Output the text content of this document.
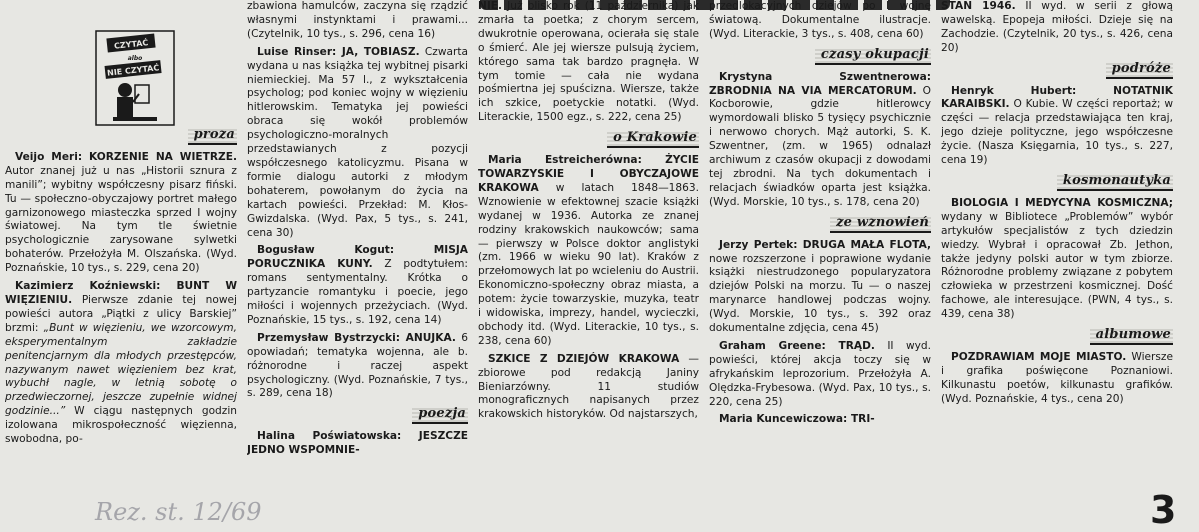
proza

Veijo Meri: KORZENIE NA WIETRZE. Autor znanej już u nas „Historii sznura z manili”; wybitny współczesny pisarz fiński. Tu — społeczno-obyczajowy portret małego garnizonowego miasteczka sprzed I wojny światowej. Na tym tle świetnie psychologicznie zarysowane sylwetki bohaterów. Przełożyła M. Olszańska. (Wyd. Poznańskie, 10 tys., s. 229, cena 20)

Kazimierz Koźniewski: BUNT W WIĘZIENIU. Pierwsze zdanie tej nowej powieści autora „Piątki z ulicy Barskiej” brzmi: „Bunt w więzieniu, we wzorcowym, eksperymentalnym zakładzie penitencjarnym dla młodych przestępców, nazywanym nawet więzieniem bez krat, wybuchł nagle, w letnią sobotę o przedwieczornej, jeszcze zupełnie widnej godzinie...” W ciągu następnych godzin izolowana mikrospołeczność więzienna, swobodna, po-

CZYTAĆ
albo
NIE CZYTAĆ

zbawiona hamulców, zaczyna się rządzić własnymi instynktami i prawami... (Czytelnik, 10 tys., s. 296, cena 16)

Luise Rinser: JA, TOBIASZ. Czwarta wydana u nas książka tej wybitnej pisarki niemieckiej. Ma 57 l., z wykształcenia psycholog; pod koniec wojny w więzieniu hitlerowskim. Tematyka jej powieści obraca się wokół problemów psychologiczno-moralnych przedstawianych z pozycji współczesnego katolicyzmu. Pisana w formie dialogu autorki z młodym bohaterem, powołanym do życia na kartach powieści. Przekład: M. Kłos-Gwizdalska. (Wyd. Pax, 5 tys., s. 241, cena 30)

Bogusław Kogut: MISJA PORUCZNIKA KUNY. Z podtytułem: romans sentymentalny. Krótka o partyzancie romantyku i poecie, jego miłości i wojennych przeżyciach. (Wyd. Poznańskie, 15 tys., s. 192, cena 14)

Przemysław Bystrzycki: ANUJKA. 6 opowiadań; tematyka wojenna, ale b. różnorodne i raczej aspekt psychologiczny. (Wyd. Poznańskie, 7 tys., s. 289, cena 18)

poezja

Halina Poświatowska: JESZCZE JEDNO WSPOMNIE-

NIE. Już blisko rok (11 października) jak zmarła ta poetka; z chorym sercem, dwukrotnie operowana, ocierała się stale o śmierć. Ale jej wiersze pulsują życiem, którego sama tak bardzo pragnęła. W tym tomie — cała nie wydana pośmiertna jej spuścizna. Wiersze, także ich szkice, poetyckie notatki. (Wyd. Literackie, 1500 egz., s. 222, cena 25)

o Krakowie

Maria Estreicherówna: ŻYCIE TOWARZYSKIE I OBYCZAJOWE KRAKOWA w latach 1848—1863. Wznowienie w efektownej szacie książki wydanej w 1936. Autorka ze znanej rodziny krakowskich naukowców; sama — pierwszy w Polsce doktor anglistyki (zm. 1966 w wieku 90 lat). Kraków z przełomowych lat po wcieleniu do Austrii. Ekonomiczno-społeczny obraz miasta, a potem: życie towarzyskie, muzyka, teatr i widowiska, imprezy, handel, wycieczki, obchody itd. (Wyd. Literackie, 10 tys., s. 238, cena 60)

SZKICE Z DZIEJÓW KRAKOWA — zbiorowe pod redakcją Janiny Bieniarzówny. 11 studiów monograficznych napisanych przez krakowskich historyków. Od najstarszych,

przedlokacyjnych dziejów po I wojnę światową. Dokumentalne ilustracje. (Wyd. Literackie, 3 tys., s. 408, cena 60)

czasy okupacji

Krystyna Szwentnerowa: ZBRODNIA NA VIA MERCATORUM. O Kocborowie, gdzie hitlerowcy wymordowali blisko 5 tysięcy psychicznie i nerwowo chorych. Mąż autorki, S. K. Szwentner, (zm. w 1965) odnalazł archiwum z czasów okupacji z dowodami tej zbrodni. Na tych dokumentach i relacjach świadków oparta jest książka. (Wyd. Morskie, 10 tys., s. 178, cena 20)

ze wznowień

Jerzy Pertek: DRUGA MAŁA FLOTA, nowe rozszerzone i poprawione wydanie książki niestrudzonego popularyzatora dziejów Polski na morzu. Tu — o naszej marynarce handlowej podczas wojny. (Wyd. Morskie, 10 tys., s. 392 oraz dokumentalne zdjęcia, cena 45)

Graham Greene: TRĄD. II wyd. powieści, której akcja toczy się w afrykańskim leprozorium. Przełożyła A. Olędzka-Frybesowa. (Wyd. Pax, 10 tys., s. 220, cena 25)

Maria Kuncewiczowa: TRI-

STAN 1946. II wyd. w serii z głową wawelską. Epopeja miłości. Dzieje się na Zachodzie. (Czytelnik, 20 tys., s. 426, cena 20)

podróże

Henryk Hubert: NOTATNIK KARAIBSKI. O Kubie. W części reportaż; w części — relacja przedstawiająca ten kraj, jego dzieje polityczne, jego współczesne życie. (Nasza Księgarnia, 10 tys., s. 227, cena 19)

kosmonautyka

BIOLOGIA I MEDYCYNA KOSMICZNA; wydany w Bibliotece „Problemów” wybór artykułów specjalistów z tych dziedzin wiedzy. Wybrał i opracował Zb. Jethon, także jedyny polski autor w tym zbiorze. Różnorodne problemy związane z pobytem człowieka w przestrzeni kosmicznej. Dość fachowe, ale interesujące. (PWN, 4 tys., s. 439, cena 38)

albumowe

POZDRAWIAM MOJE MIASTO. Wiersze i grafika poświęcone Poznaniowi. Kilkunastu poetów, kilkunastu grafików. (Wyd. Poznańskie, 4 tys., cena 20)

Rez. st. 12/69	3
